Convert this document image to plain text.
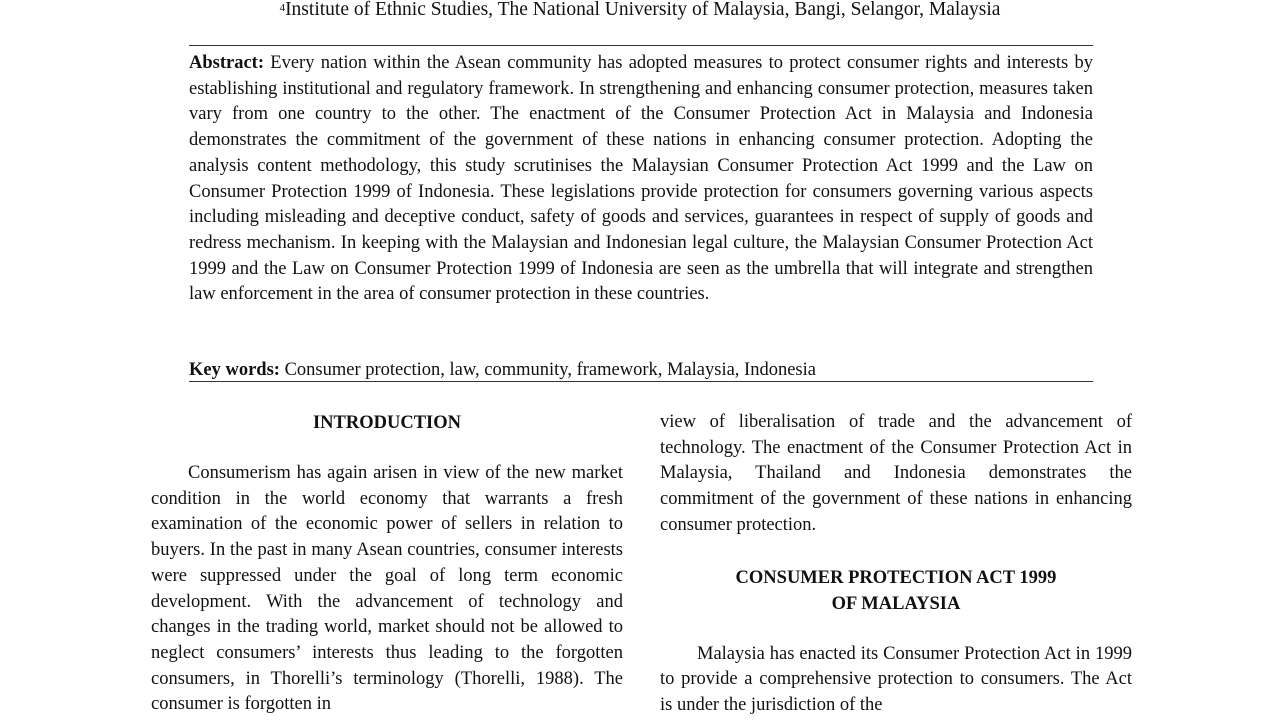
$^4$Institute of Ethnic Studies, The National University of Malaysia, Bangi, Selangor, Malaysia

Abstract: Every nation within the Asean community has adopted measures to protect consumer rights and interests by establishing institutional and regulatory framework. In strengthening and enhancing consumer protection, measures taken vary from one country to the other. The enactment of the Consumer Protection Act in Malaysia and Indonesia demonstrates the commitment of the government of these nations in enhancing consumer protection. Adopting the analysis content methodology, this study scrutinises the Malaysian Consumer Protection Act 1999 and the Law on Consumer Protection 1999 of Indonesia. These legislations provide protection for consumers governing various aspects including misleading and deceptive conduct, safety of goods and services, guarantees in respect of supply of goods and redress mechanism. In keeping with the Malaysian and Indonesian legal culture, the Malaysian Consumer Protection Act 1999 and the Law on Consumer Protection 1999 of Indonesia are seen as the umbrella that will integrate and strengthen law enforcement in the area of consumer protection in these countries.

Key words: Consumer protection, law, community, framework, Malaysia, Indonesia

INTRODUCTION

Consumerism has again arisen in view of the new market condition in the world economy that warrants a fresh examination of the economic power of sellers in relation to buyers. In the past in many Asean countries, consumer interests were suppressed under the goal of long term economic development. With the advancement of technology and changes in the trading world, market should not be allowed to neglect consumers’ interests thus leading to the forgotten consumers, in Thorelli’s terminology (Thorelli, 1988). The consumer is forgotten in

view of liberalisation of trade and the advancement of technology. The enactment of the Consumer Protection Act in Malaysia, Thailand and Indonesia demonstrates the commitment of the government of these nations in enhancing consumer protection.

CONSUMER PROTECTION ACT 1999
OF MALAYSIA

Malaysia has enacted its Consumer Protection Act in 1999 to provide a comprehensive protection to consumers. The Act is under the jurisdiction of the
